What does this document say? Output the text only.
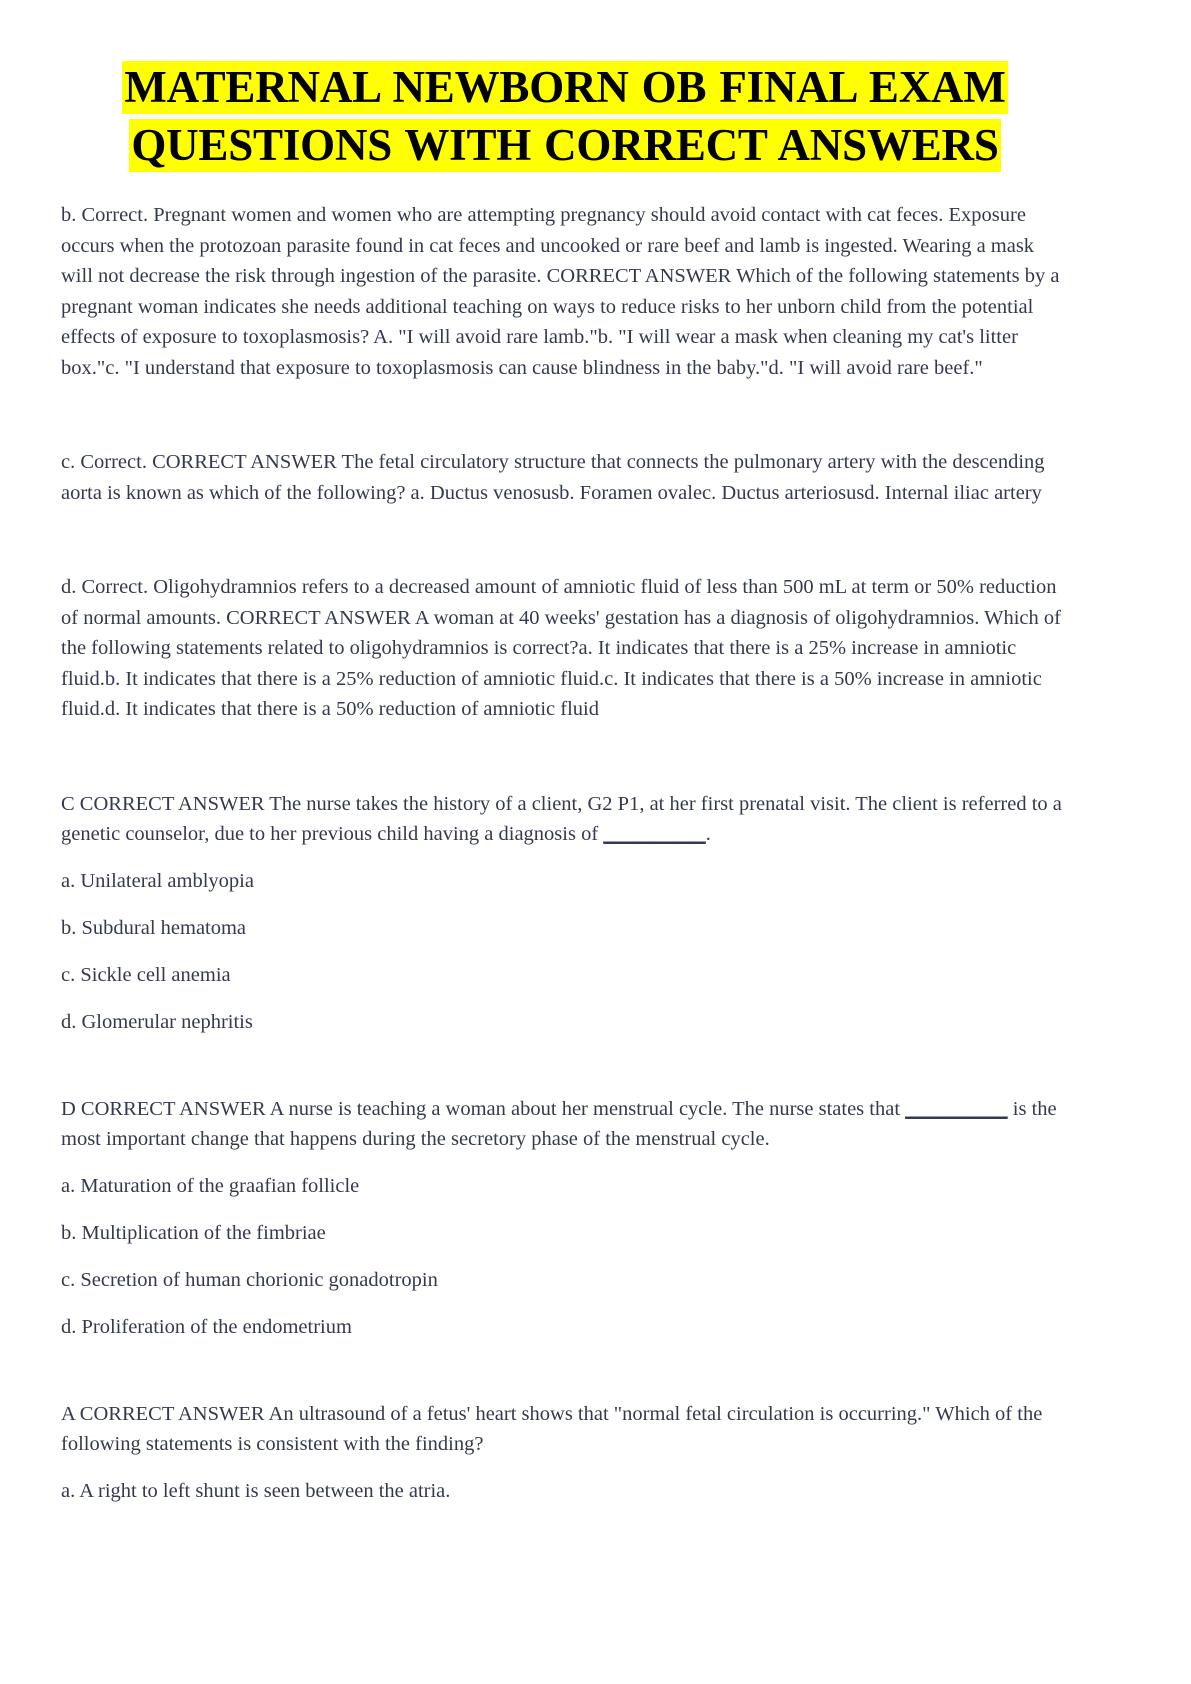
MATERNAL NEWBORN OB FINAL EXAM
QUESTIONS WITH CORRECT ANSWERS

b. Correct. Pregnant women and women who are attempting pregnancy should avoid contact with cat feces. Exposure occurs when the protozoan parasite found in cat feces and uncooked or rare beef and lamb is ingested. Wearing a mask will not decrease the risk through ingestion of the parasite. CORRECT ANSWER Which of the following statements by a pregnant woman indicates she needs additional teaching on ways to reduce risks to her unborn child from the potential effects of exposure to toxoplasmosis? A. "I will avoid rare lamb."b. "I will wear a mask when cleaning my cat's litter box."c. "I understand that exposure to toxoplasmosis can cause blindness in the baby."d. "I will avoid rare beef."

c. Correct. CORRECT ANSWER The fetal circulatory structure that connects the pulmonary artery with the descending aorta is known as which of the following? a. Ductus venosusb. Foramen ovalec. Ductus arteriosusd. Internal iliac artery

d. Correct. Oligohydramnios refers to a decreased amount of amniotic fluid of less than 500 mL at term or 50% reduction of normal amounts. CORRECT ANSWER A woman at 40 weeks' gestation has a diagnosis of oligohydramnios. Which of the following statements related to oligohydramnios is correct?a. It indicates that there is a 25% increase in amniotic fluid.b. It indicates that there is a 25% reduction of amniotic fluid.c. It indicates that there is a 50% increase in amniotic fluid.d. It indicates that there is a 50% reduction of amniotic fluid

C CORRECT ANSWER The nurse takes the history of a client, G2 P1, at her first prenatal visit. The client is referred to a genetic counselor, due to her previous child having a diagnosis of __________.

a. Unilateral amblyopia

b. Subdural hematoma

c. Sickle cell anemia

d. Glomerular nephritis

D CORRECT ANSWER A nurse is teaching a woman about her menstrual cycle. The nurse states that __________ is the most important change that happens during the secretory phase of the menstrual cycle.

a. Maturation of the graafian follicle

b. Multiplication of the fimbriae

c. Secretion of human chorionic gonadotropin

d. Proliferation of the endometrium

A CORRECT ANSWER An ultrasound of a fetus' heart shows that "normal fetal circulation is occurring." Which of the following statements is consistent with the finding?

a. A right to left shunt is seen between the atria.
